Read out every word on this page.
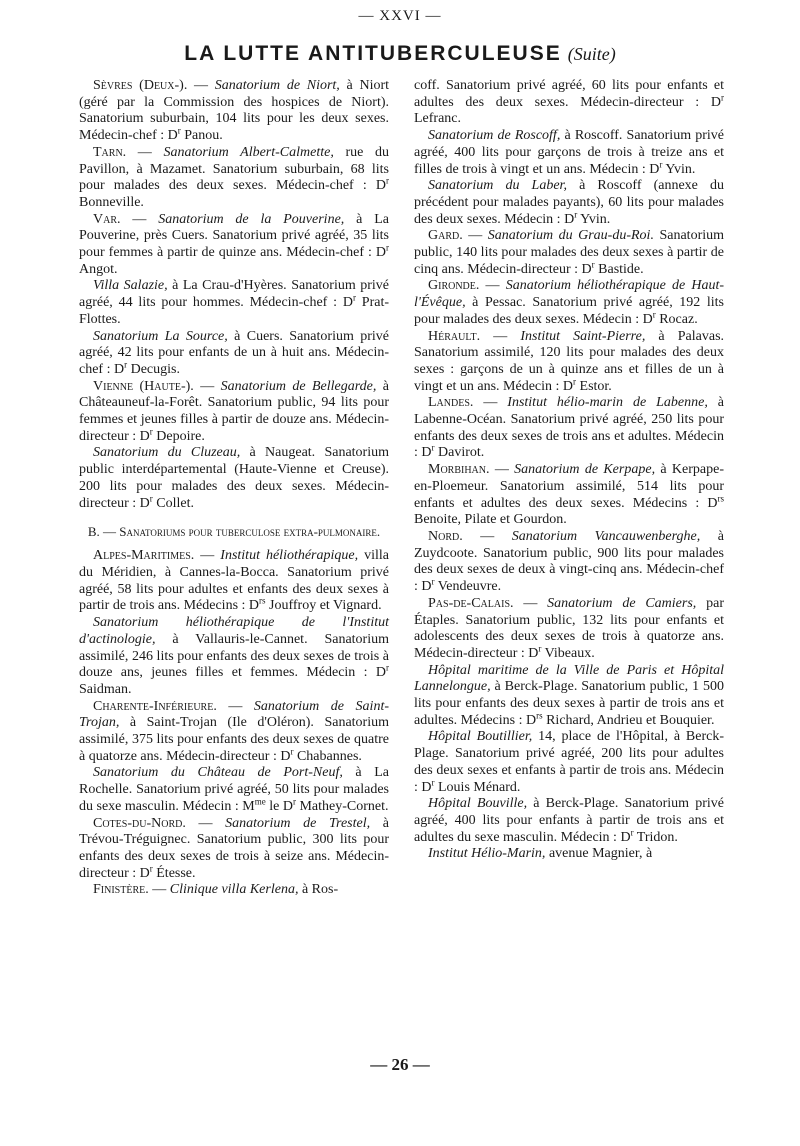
— XXVI —
LA LUTTE ANTITUBERCULEUSE (Suite)

Sèvres (Deux-). — Sanatorium de Niort, à Niort (géré par la Commission des hospices de Niort). Sanatorium suburbain, 104 lits pour les deux sexes. Médecin-chef : $D^r$ Panou.

Tarn. — Sanatorium Albert-Calmette, rue du Pavillon, à Mazamet. Sanatorium suburbain, 68 lits pour malades des deux sexes. Médecin-chef : $D^r$ Bonneville.

Var. — Sanatorium de la Pouverine, à La Pouverine, près Cuers. Sanatorium privé agréé, 35 lits pour femmes à partir de quinze ans. Médecin-chef : $D^r$ Angot.

Villa Salazie, à La Crau-d'Hyères. Sanatorium privé agréé, 44 lits pour hommes. Médecin-chef : $D^r$ Prat-Flottes.

Sanatorium La Source, à Cuers. Sanatorium privé agréé, 42 lits pour enfants de un à huit ans. Médecin-chef : $D^r$ Decugis.

Vienne (Haute-). — Sanatorium de Bellegarde, à Châteauneuf-la-Forêt. Sanatorium public, 94 lits pour femmes et jeunes filles à partir de douze ans. Médecin-directeur : $D^r$ Depoire.

Sanatorium du Cluzeau, à Naugeat. Sanatorium public interdépartemental (Haute-Vienne et Creuse). 200 lits pour malades des deux sexes. Médecin-directeur : $D^r$ Collet.

B. — Sanatoriums pour tuberculose extra-pulmonaire.

Alpes-Maritimes. — Institut héliothérapique, villa du Méridien, à Cannes-la-Bocca. Sanatorium privé agréé, 58 lits pour adultes et enfants des deux sexes à partir de trois ans. Médecins : $D^{rs}$ Jouffroy et Vignard.

Sanatorium héliothérapique de l'Institut d'actinologie, à Vallauris-le-Cannet. Sanatorium assimilé, 246 lits pour enfants des deux sexes de trois à douze ans, jeunes filles et femmes. Médecin : $D^r$ Saidman.

Charente-Inférieure. — Sanatorium de Saint-Trojan, à Saint-Trojan (Ile d'Oléron). Sanatorium assimilé, 375 lits pour enfants des deux sexes de quatre à quatorze ans. Médecin-directeur : $D^r$ Chabannes.

Sanatorium du Château de Port-Neuf, à La Rochelle. Sanatorium privé agréé, 50 lits pour malades du sexe masculin. Médecin : $M^{me}$ le $D^r$ Mathey-Cornet.

Cotes-du-Nord. — Sanatorium de Trestel, à Trévou-Tréguignec. Sanatorium public, 300 lits pour enfants des deux sexes de trois à seize ans. Médecin-directeur : $D^r$ Étesse.

Finistère. — Clinique villa Kerlena, à Ros-

coff. Sanatorium privé agréé, 60 lits pour enfants et adultes des deux sexes. Médecin-directeur : $D^r$ Lefranc.

Sanatorium de Roscoff, à Roscoff. Sanatorium privé agréé, 400 lits pour garçons de trois à treize ans et filles de trois à vingt et un ans. Médecin : $D^r$ Yvin.

Sanatorium du Laber, à Roscoff (annexe du précédent pour malades payants), 60 lits pour malades des deux sexes. Médecin : $D^r$ Yvin.

Gard. — Sanatorium du Grau-du-Roi. Sanatorium public, 140 lits pour malades des deux sexes à partir de cinq ans. Médecin-directeur : $D^r$ Bastide.

Gironde. — Sanatorium héliothérapique de Haut-l'Évêque, à Pessac. Sanatorium privé agréé, 192 lits pour malades des deux sexes. Médecin : $D^r$ Rocaz.

Hérault. — Institut Saint-Pierre, à Palavas. Sanatorium assimilé, 120 lits pour malades des deux sexes : garçons de un à quinze ans et filles de un à vingt et un ans. Médecin : $D^r$ Estor.

Landes. — Institut hélio-marin de Labenne, à Labenne-Océan. Sanatorium privé agréé, 250 lits pour enfants des deux sexes de trois ans et adultes. Médecin : $D^r$ Davirot.

Morbihan. — Sanatorium de Kerpape, à Kerpape-en-Ploemeur. Sanatorium assimilé, 514 lits pour enfants et adultes des deux sexes. Médecins : $D^{rs}$ Benoite, Pilate et Gourdon.

Nord. — Sanatorium Vancauwenberghe, à Zuydcoote. Sanatorium public, 900 lits pour malades des deux sexes de deux à vingt-cinq ans. Médecin-chef : $D^r$ Vendeuvre.

Pas-de-Calais. — Sanatorium de Camiers, par Étaples. Sanatorium public, 132 lits pour enfants et adolescents des deux sexes de trois à quatorze ans. Médecin-directeur : $D^r$ Vibeaux.

Hôpital maritime de la Ville de Paris et Hôpital Lannelongue, à Berck-Plage. Sanatorium public, 1 500 lits pour enfants des deux sexes à partir de trois ans et adultes. Médecins : $D^{rs}$ Richard, Andrieu et Bouquier.

Hôpital Boutillier, 14, place de l'Hôpital, à Berck-Plage. Sanatorium privé agréé, 200 lits pour adultes des deux sexes et enfants à partir de trois ans. Médecin : $D^r$ Louis Ménard.

Hôpital Bouville, à Berck-Plage. Sanatorium privé agréé, 400 lits pour enfants à partir de trois ans et adultes du sexe masculin. Médecin : $D^r$ Tridon.

Institut Hélio-Marin, avenue Magnier, à

— 26 —
